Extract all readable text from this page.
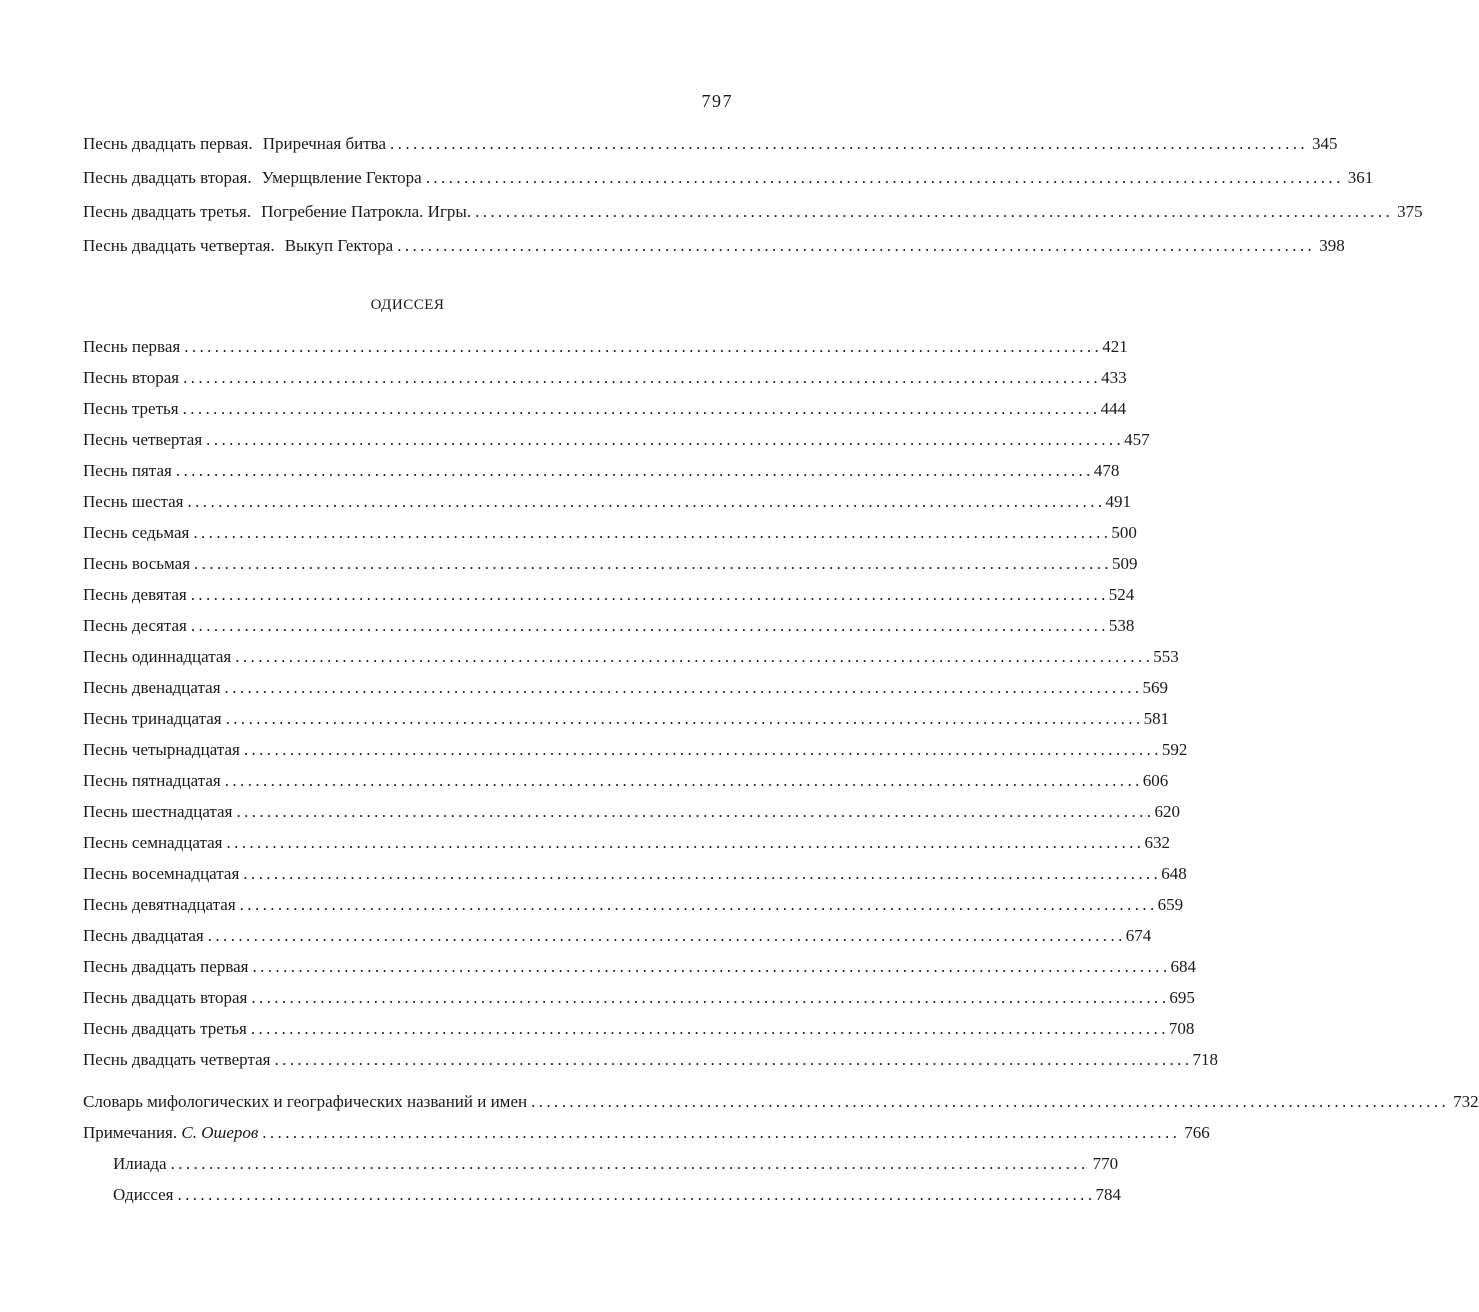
797
Песнь двадцать первая. Приречная битва ........................................................................................................................ 345
Песнь двадцать вторая. Умерщвление Гектора ........................................................................................................................ 361
Песнь двадцать третья. Погребение Патрокла. Игры. ........................................................................................................................ 375
Песнь двадцать четвертая. Выкуп Гектора ........................................................................................................................ 398
ОДИССЕЯ
Песнь первая ........................................................................................................................ 421
Песнь вторая ........................................................................................................................ 433
Песнь третья ........................................................................................................................ 444
Песнь четвертая ........................................................................................................................ 457
Песнь пятая ........................................................................................................................ 478
Песнь шестая ........................................................................................................................ 491
Песнь седьмая ........................................................................................................................ 500
Песнь восьмая ........................................................................................................................ 509
Песнь девятая ........................................................................................................................ 524
Песнь десятая ........................................................................................................................ 538
Песнь одиннадцатая ........................................................................................................................ 553
Песнь двенадцатая ........................................................................................................................ 569
Песнь тринадцатая ........................................................................................................................ 581
Песнь четырнадцатая ........................................................................................................................ 592
Песнь пятнадцатая ........................................................................................................................ 606
Песнь шестнадцатая ........................................................................................................................ 620
Песнь семнадцатая ........................................................................................................................ 632
Песнь восемнадцатая ........................................................................................................................ 648
Песнь девятнадцатая ........................................................................................................................ 659
Песнь двадцатая ........................................................................................................................ 674
Песнь двадцать первая ........................................................................................................................ 684
Песнь двадцать вторая ........................................................................................................................ 695
Песнь двадцать третья ........................................................................................................................ 708
Песнь двадцать четвертая ........................................................................................................................ 718
Словарь мифологических и географических названий и имен ........................................................................................................................ 732
Примечания. С. Ошеров ........................................................................................................................ 766
Илиада ........................................................................................................................ 770
Одиссея ........................................................................................................................ 784
